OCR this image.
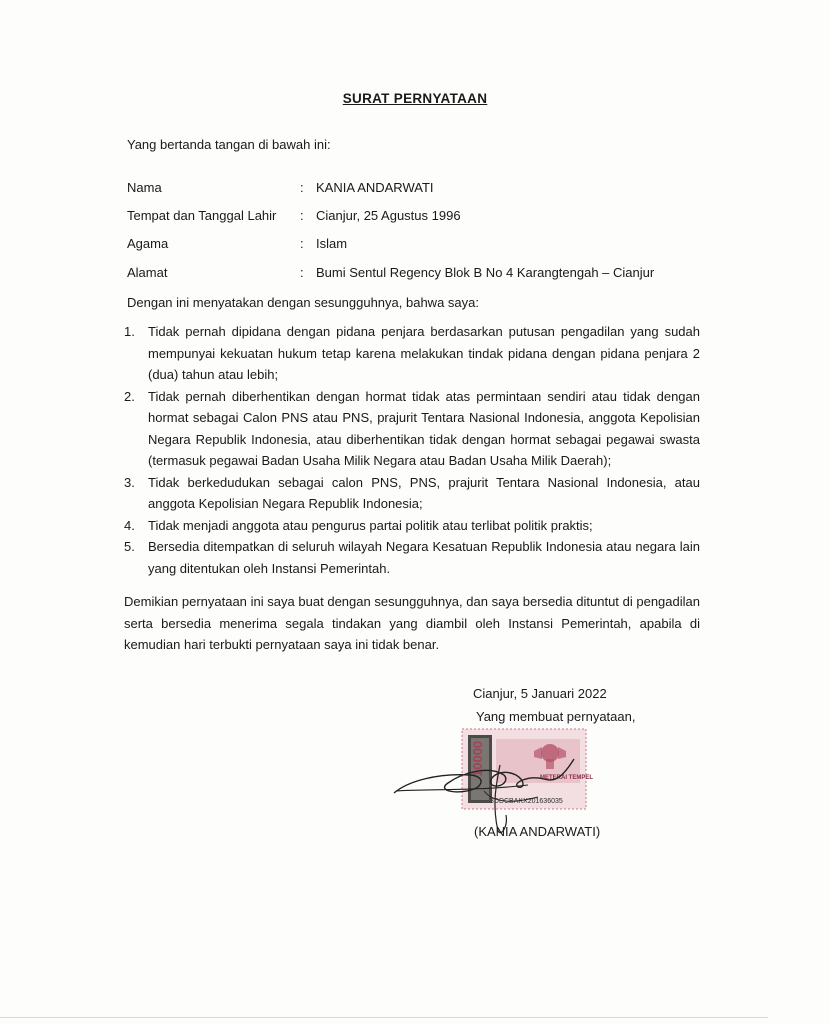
SURAT PERNYATAAN
Yang bertanda tangan di bawah ini:
Nama	: KANIA ANDARWATI
Tempat dan Tanggal Lahir : Cianjur, 25 Agustus 1996
Agama	: Islam
Alamat	: Bumi Sentul Regency Blok B No 4 Karangtengah – Cianjur
Dengan ini menyatakan dengan sesungguhnya, bahwa saya:
1. Tidak pernah dipidana dengan pidana penjara berdasarkan putusan pengadilan yang sudah mempunyai kekuatan hukum tetap karena melakukan tindak pidana dengan pidana penjara 2 (dua) tahun atau lebih;
2. Tidak pernah diberhentikan dengan hormat tidak atas permintaan sendiri atau tidak dengan hormat sebagai Calon PNS atau PNS, prajurit Tentara Nasional Indonesia, anggota Kepolisian Negara Republik Indonesia, atau diberhentikan tidak dengan hormat sebagai pegawai swasta (termasuk pegawai Badan Usaha Milik Negara atau Badan Usaha Milik Daerah);
3. Tidak berkedudukan sebagai calon PNS, PNS, prajurit Tentara Nasional Indonesia, atau anggota Kepolisian Negara Republik Indonesia;
4. Tidak menjadi anggota atau pengurus partai politik atau terlibat politik praktis;
5. Bersedia ditempatkan di seluruh wilayah Negara Kesatuan Republik Indonesia atau negara lain yang ditentukan oleh Instansi Pemerintah.

Demikian pernyataan ini saya buat dengan sesungguhnya, dan saya bersedia dituntut di pengadilan serta bersedia menerima segala tindakan yang diambil oleh Instansi Pemerintah, apabila di kemudian hari terbukti pernyataan saya ini tidak benar.

Cianjur, 5 Januari 2022
Yang membuat pernyataan,
10000
METERAI TEMPEL
3DDCBAKX201636035
(KANIA ANDARWATI)
